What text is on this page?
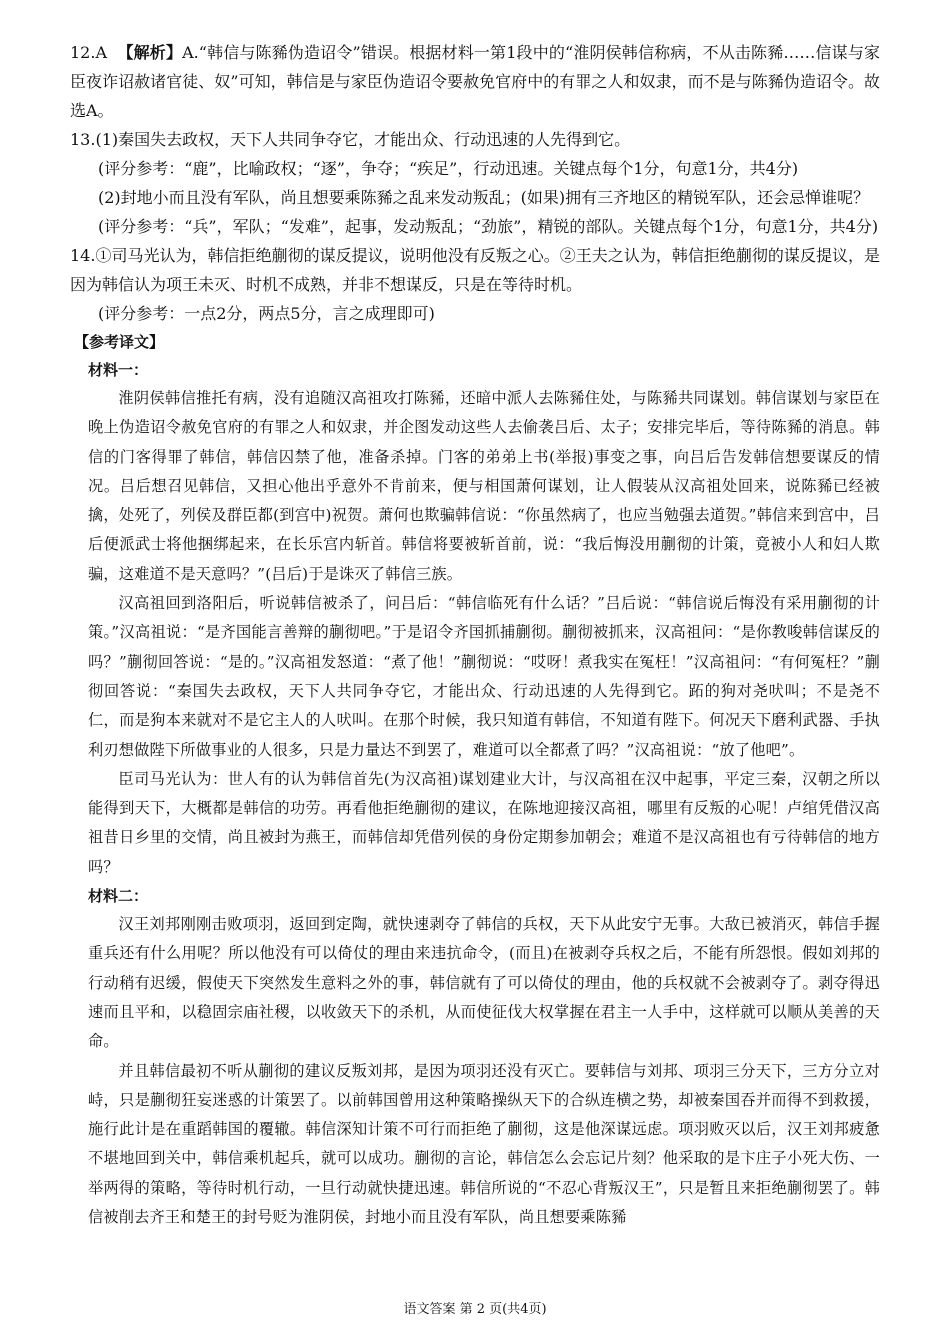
12.A 【解析】A.“韩信与陈豨伪造诏令”错误。根据材料一第1段中的“淮阴侯韩信称病，不从击陈豨……信谋与家臣夜诈诏赦诸官徒、奴”可知，韩信是与家臣伪造诏令要赦免官府中的有罪之人和奴隶，而不是与陈豨伪造诏令。故选A。

13.(1)秦国失去政权，天下人共同争夺它，才能出众、行动迅速的人先得到它。

(评分参考：“鹿”，比喻政权；“逐”，争夺；“疾足”，行动迅速。关键点每个1分，句意1分，共4分)

(2)封地小而且没有军队，尚且想要乘陈豨之乱来发动叛乱；(如果)拥有三齐地区的精锐军队，还会忌惮谁呢？

(评分参考：“兵”，军队；“发难”，起事，发动叛乱；“劲旅”，精锐的部队。关键点每个1分，句意1分，共4分)

14.①司马光认为，韩信拒绝蒯彻的谋反提议，说明他没有反叛之心。②王夫之认为，韩信拒绝蒯彻的谋反提议，是因为韩信认为项王未灭、时机不成熟，并非不想谋反，只是在等待时机。

(评分参考：一点2分，两点5分，言之成理即可)

【参考译文】

材料一：

淮阴侯韩信推托有病，没有追随汉高祖攻打陈豨，还暗中派人去陈豨住处，与陈豨共同谋划。韩信谋划与家臣在晚上伪造诏令赦免官府的有罪之人和奴隶，并企图发动这些人去偷袭吕后、太子；安排完毕后，等待陈豨的消息。韩信的门客得罪了韩信，韩信囚禁了他，准备杀掉。门客的弟弟上书(举报)事变之事，向吕后告发韩信想要谋反的情况。吕后想召见韩信，又担心他出乎意外不肯前来，便与相国萧何谋划，让人假装从汉高祖处回来，说陈豨已经被擒，处死了，列侯及群臣都(到宫中)祝贺。萧何也欺骗韩信说：“你虽然病了，也应当勉强去道贺。”韩信来到宫中，吕后便派武士将他捆绑起来，在长乐宫内斩首。韩信将要被斩首前，说：“我后悔没用蒯彻的计策，竟被小人和妇人欺骗，这难道不是天意吗？”(吕后)于是诛灭了韩信三族。

汉高祖回到洛阳后，听说韩信被杀了，问吕后：“韩信临死有什么话？”吕后说：“韩信说后悔没有采用蒯彻的计策。”汉高祖说：“是齐国能言善辩的蒯彻吧。”于是诏令齐国抓捕蒯彻。蒯彻被抓来，汉高祖问：“是你教唆韩信谋反的吗？”蒯彻回答说：“是的。”汉高祖发怒道：“煮了他！”蒯彻说：“哎呀！煮我实在冤枉！”汉高祖问：“有何冤枉？”蒯彻回答说：“秦国失去政权，天下人共同争夺它，才能出众、行动迅速的人先得到它。跖的狗对尧吠叫；不是尧不仁，而是狗本来就对不是它主人的人吠叫。在那个时候，我只知道有韩信，不知道有陛下。何况天下磨利武器、手执利刃想做陛下所做事业的人很多，只是力量达不到罢了，难道可以全都煮了吗？”汉高祖说：“放了他吧”。

臣司马光认为：世人有的认为韩信首先(为汉高祖)谋划建业大计，与汉高祖在汉中起事，平定三秦，汉朝之所以能得到天下，大概都是韩信的功劳。再看他拒绝蒯彻的建议，在陈地迎接汉高祖，哪里有反叛的心呢！卢绾凭借汉高祖昔日乡里的交情，尚且被封为燕王，而韩信却凭借列侯的身份定期参加朝会；难道不是汉高祖也有亏待韩信的地方吗？

材料二：

汉王刘邦刚刚击败项羽，返回到定陶，就快速剥夺了韩信的兵权，天下从此安宁无事。大敌已被消灭，韩信手握重兵还有什么用呢？所以他没有可以倚仗的理由来违抗命令，(而且)在被剥夺兵权之后，不能有所怨恨。假如刘邦的行动稍有迟缓，假使天下突然发生意料之外的事，韩信就有了可以倚仗的理由，他的兵权就不会被剥夺了。剥夺得迅速而且平和，以稳固宗庙社稷，以收敛天下的杀机，从而使征伐大权掌握在君主一人手中，这样就可以顺从美善的天命。

并且韩信最初不听从蒯彻的建议反叛刘邦，是因为项羽还没有灭亡。要韩信与刘邦、项羽三分天下，三方分立对峙，只是蒯彻狂妄迷惑的计策罢了。以前韩国曾用这种策略操纵天下的合纵连横之势，却被秦国吞并而得不到救援，施行此计是在重蹈韩国的覆辙。韩信深知计策不可行而拒绝了蒯彻，这是他深谋远虑。项羽败灭以后，汉王刘邦疲惫不堪地回到关中，韩信乘机起兵，就可以成功。蒯彻的言论，韩信怎么会忘记片刻？他采取的是卞庄子小死大伤、一举两得的策略，等待时机行动，一旦行动就快捷迅速。韩信所说的“不忍心背叛汉王”，只是暂且来拒绝蒯彻罢了。韩信被削去齐王和楚王的封号贬为淮阴侯，封地小而且没有军队，尚且想要乘陈豨

语文答案 第 2 页(共4页)
